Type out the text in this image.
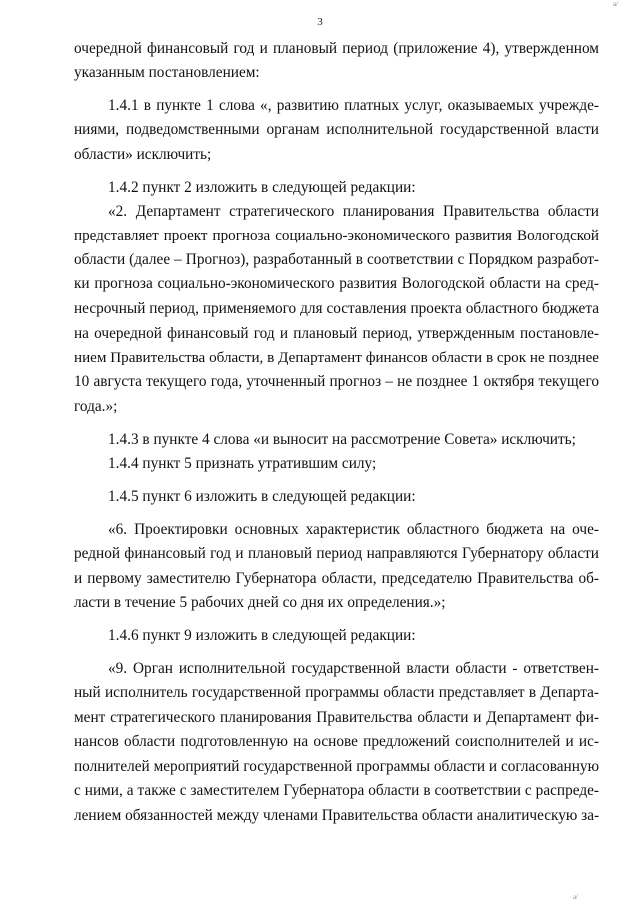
a/
3
очередной финансовый год и плановый период (приложение 4), утвержденном
указанным постановлением:
1.4.1 в пункте 1 слова «, развитию платных услуг, оказываемых учрежде-
ниями, подведомственными органам исполнительной государственной власти
области» исключить;
1.4.2 пункт 2 изложить в следующей редакции:
«2. Департамент стратегического планирования Правительства области
представляет проект прогноза социально-экономического развития Вологодской
области (далее – Прогноз), разработанный в соответствии с Порядком разработ-
ки прогноза социально-экономического развития Вологодской области на сред-
несрочный период, применяемого для составления проекта областного бюджета
на очередной финансовый год и плановый период, утвержденным постановле-
нием Правительства области, в Департамент финансов области в срок не позднее
10 августа текущего года, уточненный прогноз – не позднее 1 октября текущего
года.»;
1.4.3 в пункте 4 слова «и выносит на рассмотрение Совета» исключить;
1.4.4 пункт 5 признать утратившим силу;
1.4.5 пункт 6 изложить в следующей редакции:
«6. Проектировки основных характеристик областного бюджета на оче-
редной финансовый год и плановый период направляются Губернатору области
и первому заместителю Губернатора области, председателю Правительства об-
ласти в течение 5 рабочих дней со дня их определения.»;
1.4.6 пункт 9 изложить в следующей редакции:
«9. Орган исполнительной государственной власти области - ответствен-
ный исполнитель государственной программы области представляет в Департа-
мент стратегического планирования Правительства области и Департамент фи-
нансов области подготовленную на основе предложений соисполнителей и ис-
полнителей мероприятий государственной программы области и согласованную
с ними, а также с заместителем Губернатора области в соответствии с распреде-
лением обязанностей между членами Правительства области аналитическую за-
a/
